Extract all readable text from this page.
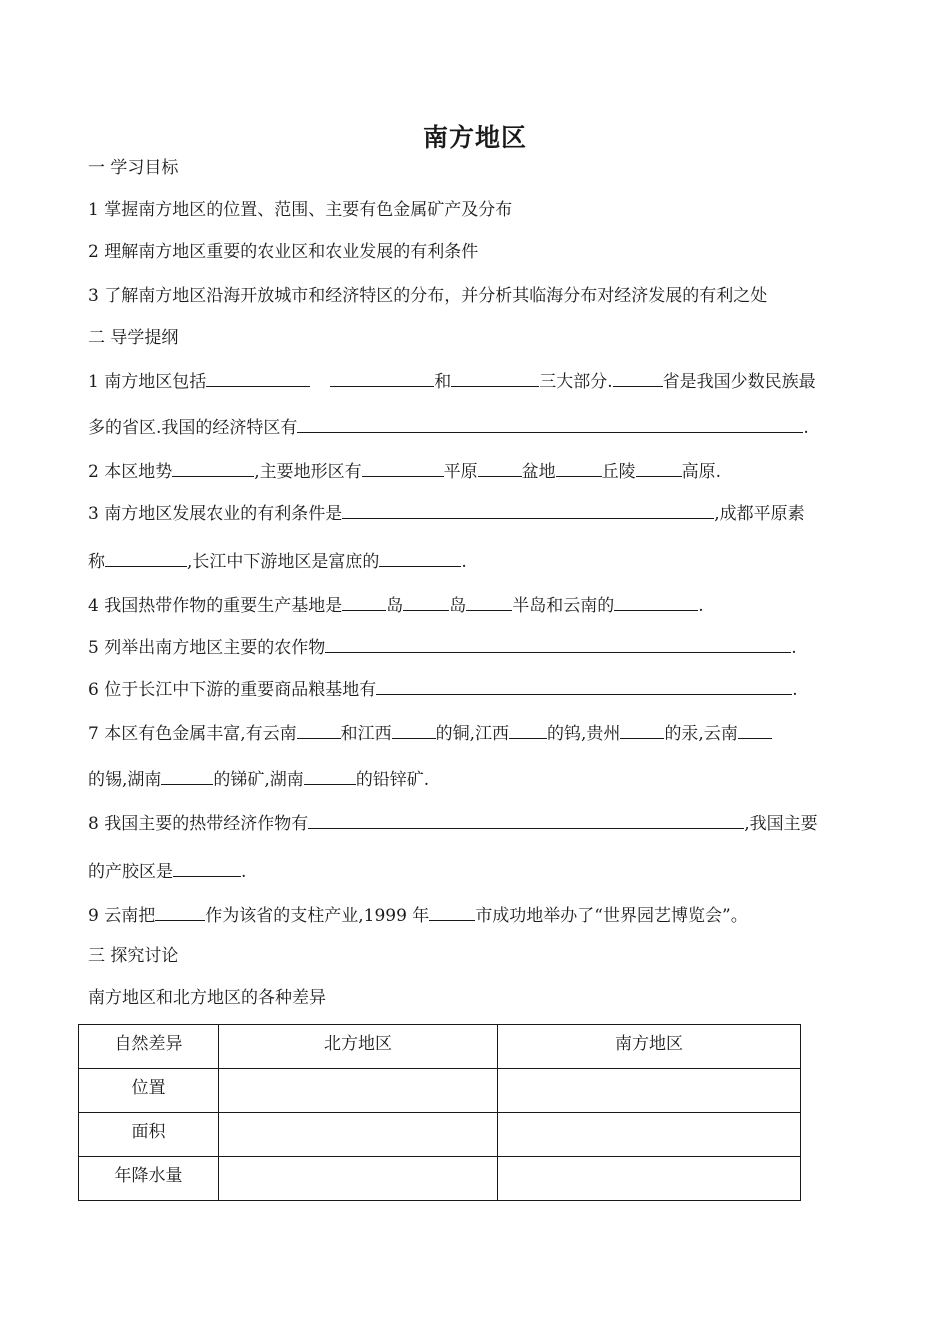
南方地区
一 学习目标
1 掌握南方地区的位置、范围、主要有色金属矿产及分布
2 理解南方地区重要的农业区和农业发展的有利条件
3 了解南方地区沿海开放城市和经济特区的分布，并分析其临海分布对经济发展的有利之处
二 导学提纲
1 南方地区包括	和	三大部分.	省是我国少数民族最
多的省区.我国的经济特区有	.
2 本区地势	,主要地形区有	平原	盆地	丘陵	高原.
3 南方地区发展农业的有利条件是	,成都平原素
称	,长江中下游地区是富庶的	.
4 我国热带作物的重要生产基地是	岛	岛	半岛和云南的	.
5 列举出南方地区主要的农作物	.
6 位于长江中下游的重要商品粮基地有	.
7 本区有色金属丰富,有云南	和江西	的铜,江西 的钨,贵州	的汞,云南
的锡,湖南	的锑矿,湖南	的铅锌矿.
8 我国主要的热带经济作物有	,我国主要
的产胶区是	.
9 云南把	作为该省的支柱产业,1999 年	市成功地举办了“世界园艺博览会”。
三 探究讨论
南方地区和北方地区的各种差异
自然差异	北方地区	南方地区
位置		
面积		
年降水量		
